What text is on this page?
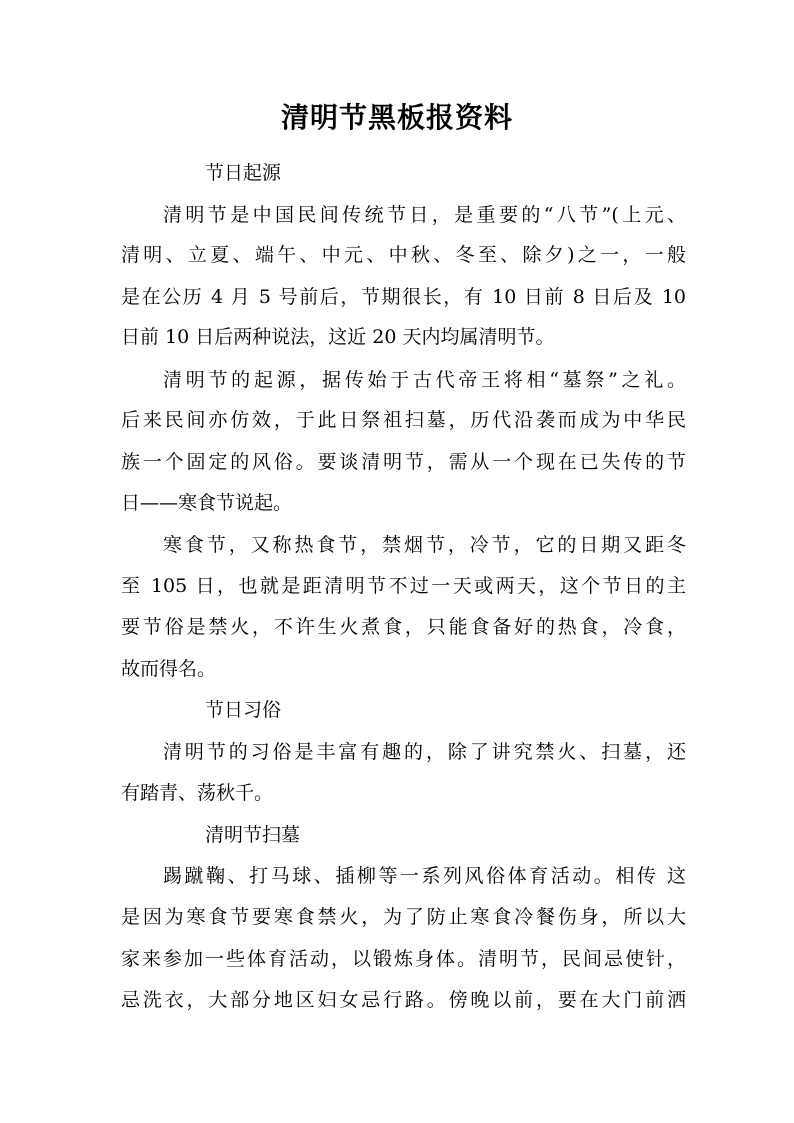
清明节黑板报资料
节日起源
清明节是中国民间传统节日，是重要的“八节”(上元、
清明、立夏、端午、中元、中秋、冬至、除夕)之一，一般
是在公历 4 月 5 号前后，节期很长，有 10 日前 8 日后及 10
日前 10 日后两种说法，这近 20 天内均属清明节。
清明节的起源，据传始于古代帝王将相“墓祭”之礼。
后来民间亦仿效，于此日祭祖扫墓，历代沿袭而成为中华民
族一个固定的风俗。要谈清明节，需从一个现在已失传的节
日——寒食节说起。
寒食节，又称热食节，禁烟节，冷节，它的日期又距冬
至 105 日，也就是距清明节不过一天或两天，这个节日的主
要节俗是禁火，不许生火煮食，只能食备好的热食，冷食，
故而得名。
节日习俗
清明节的习俗是丰富有趣的，除了讲究禁火、扫墓，还
有踏青、荡秋千。
清明节扫墓
踢蹴鞠、打马球、插柳等一系列风俗体育活动。相传 这
是因为寒食节要寒食禁火，为了防止寒食冷餐伤身，所以大
家来参加一些体育活动，以锻炼身体。清明节，民间忌使针，
忌洗衣，大部分地区妇女忌行路。傍晚以前，要在大门前洒
